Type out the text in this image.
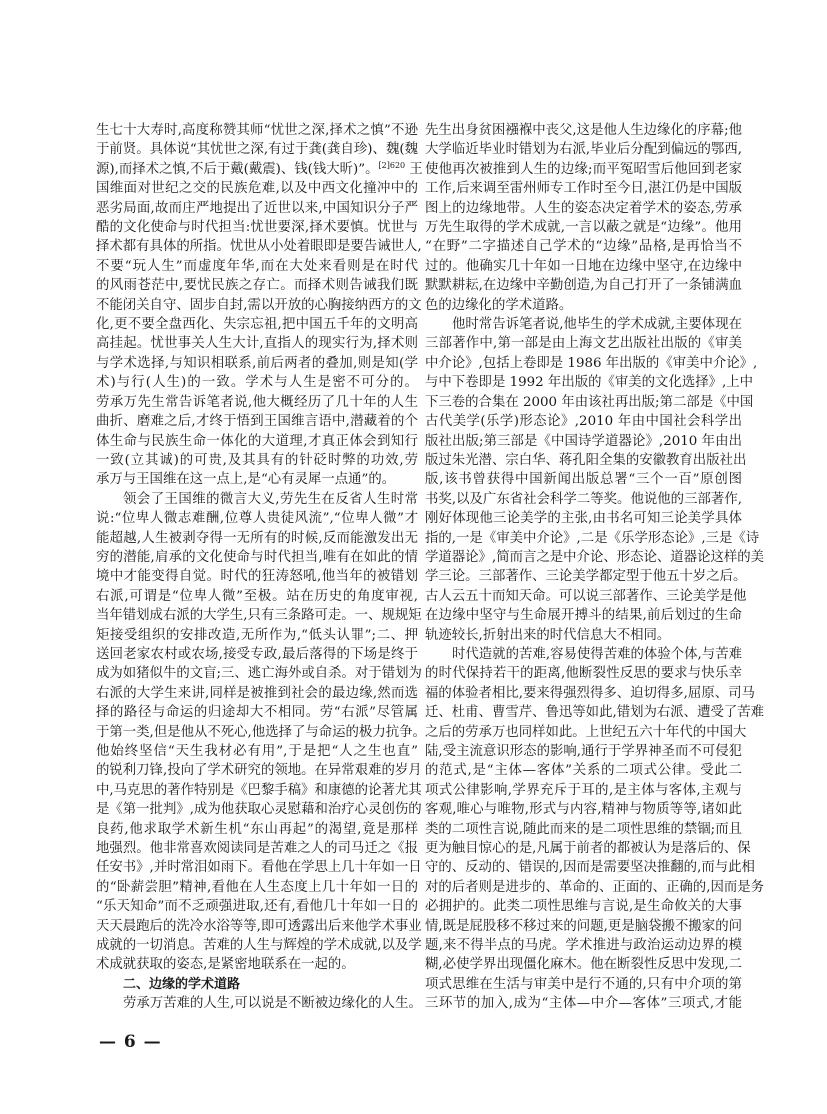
生七十大寿时,高度称赞其师“忧世之深,择术之慎”不逊
于前贤。具体说“其忧世之深,有过于龚(龚自珍)、魏(魏
源),而择术之慎,不后于戴(戴震)、钱(钱大昕)”。$^{[2]620}$ 王
国维面对世纪之交的民族危难,以及中西文化撞冲中的
恶劣局面,故而庄严地提出了近世以来,中国知识分子严
酷的文化使命与时代担当:忧世要深,择术要慎。忧世与
择术都有具体的所指。忧世从小处着眼即是要告诫世人,
不要“玩人生”而虚度年华,而在大处来看则是在时代
的风雨苍茫中,要忧民族之存亡。而择术则告诫我们既
不能闭关自守、固步自封,需以开放的心胸接纳西方的文
化,更不要全盘西化、失宗忘祖,把中国五千年的文明高
高挂起。忧世事关人生大计,直指人的现实行为,择术则
与学术选择,与知识相联系,前后两者的叠加,则是知(学
术)与行(人生)的一致。学术与人生是密不可分的。
劳承万先生常告诉笔者说,他大概经历了几十年的人生
曲折、磨难之后,才终于悟到王国维言语中,潜藏着的个
体生命与民族生命一体化的大道理,才真正体会到知行
一致(立其诚)的可贵,及其具有的针砭时弊的功效,劳
承万与王国维在这一点上,是“心有灵犀一点通”的。
领会了王国维的微言大义,劳先生在反省人生时常
说:“位卑人微志难酬,位尊人贵徒风流”,“位卑人微”才
能超越,人生被剥夺得一无所有的时候,反而能激发出无
穷的潜能,肩承的文化使命与时代担当,唯有在如此的情
境中才能变得自觉。时代的狂涛怒吼,他当年的被错划
右派,可谓是“位卑人微”至极。站在历史的角度审视,
当年错划成右派的大学生,只有三条路可走。一、规规矩
矩接受组织的安排改造,无所作为,“低头认罪”;二、押
送回老家农村或农场,接受专政,最后落得的下场是终于
成为如猪似牛的文盲;三、逃亡海外或自杀。对于错划为
右派的大学生来讲,同样是被推到社会的最边缘,然而选
择的路径与命运的归途却大不相同。劳“右派”尽管属
于第一类,但是他从不死心,他选择了与命运的极力抗争。
他始终坚信“天生我材必有用”,于是把“人之生也直”
的锐利刀锋,投向了学术研究的领地。在异常艰难的岁月
中,马克思的著作特别是《巴黎手稿》和康德的论著尤其
是《第一批判》,成为他获取心灵慰藉和治疗心灵创伤的
良药,他求取学术新生机“东山再起”的渴望,竟是那样
地强烈。他非常喜欢阅读同是苦难之人的司马迁之《报
任安书》,并时常泪如雨下。看他在学思上几十年如一日
的“卧薪尝胆”精神,看他在人生态度上几十年如一日的
“乐天知命”而不乏顽强进取,还有,看他几十年如一日的
天天晨跑后的洗冷水浴等等,即可透露出后来他学术事业
成就的一切消息。苦难的人生与辉煌的学术成就,以及学
术成就获取的姿态,是紧密地联系在一起的。
二、边缘的学术道路
劳承万苦难的人生,可以说是不断被边缘化的人生。
先生出身贫困襁褓中丧父,这是他人生边缘化的序幕;他
大学临近毕业时错划为右派,毕业后分配到偏远的鄂西,
使他再次被推到人生的边缘;而平冤昭雪后他回到老家
工作,后来调至雷州师专工作时至今日,湛江仍是中国版
图上的边缘地带。人生的姿态决定着学术的姿态,劳承
万先生取得的学术成就,一言以蔽之就是“边缘”。他用
“在野”二字描述自己学术的“边缘”品格,是再恰当不
过的。他确实几十年如一日地在边缘中坚守,在边缘中
默默耕耘,在边缘中辛勤创造,为自己打开了一条铺满血
色的边缘化的学术道路。
他时常告诉笔者说,他毕生的学术成就,主要体现在
三部著作中,第一部是由上海文艺出版社出版的《审美
中介论》,包括上卷即是 1986 年出版的《审美中介论》,
与中下卷即是 1992 年出版的《审美的文化选择》,上中
下三卷的合集在 2000 年由该社再出版;第二部是《中国
古代美学(乐学)形态论》,2010 年由中国社会科学出
版社出版;第三部是《中国诗学道器论》,2010 年由出
版过朱光潜、宗白华、蒋孔阳全集的安徽教育出版社出
版,该书曾获得中国新闻出版总署“三个一百”原创图
书奖,以及广东省社会科学二等奖。他说他的三部著作,
刚好体现他三论美学的主张,由书名可知三论美学具体
指的,一是《审美中介论》,二是《乐学形态论》,三是《诗
学道器论》,简而言之是中介论、形态论、道器论这样的美
学三论。三部著作、三论美学都定型于他五十岁之后。
古人云五十而知天命。可以说三部著作、三论美学是他
在边缘中坚守与生命展开搏斗的结果,前后划过的生命
轨迹较长,折射出来的时代信息大不相同。
时代造就的苦难,容易使得苦难的体验个体,与苦难
的时代保持若干的距离,他断裂性反思的要求与快乐幸
福的体验者相比,要来得强烈得多、迫切得多,屈原、司马
迁、杜甫、曹雪芹、鲁迅等如此,错划为右派、遭受了苦难
之后的劳承万也同样如此。上世纪五六十年代的中国大
陆,受主流意识形态的影响,通行于学界神圣而不可侵犯
的范式,是“主体—客体”关系的二项式公律。受此二
项式公律影响,学界充斥于耳的,是主体与客体,主观与
客观,唯心与唯物,形式与内容,精神与物质等等,诸如此
类的二项性言说,随此而来的是二项性思维的禁锢;而且
更为触目惊心的是,凡属于前者的都被认为是落后的、保
守的、反动的、错误的,因而是需要坚决推翻的,而与此相
对的后者则是进步的、革命的、正面的、正确的,因而是务
必拥护的。此类二项性思维与言说,是生命攸关的大事
情,既是屁股移不移过来的问题,更是脑袋搬不搬家的问
题,来不得半点的马虎。学术推进与政治运动边界的模
糊,必使学界出现僵化麻木。他在断裂性反思中发现,二
项式思维在生活与审美中是行不通的,只有中介项的第
三环节的加入,成为“主体—中介—客体”三项式,才能
— 6 —
